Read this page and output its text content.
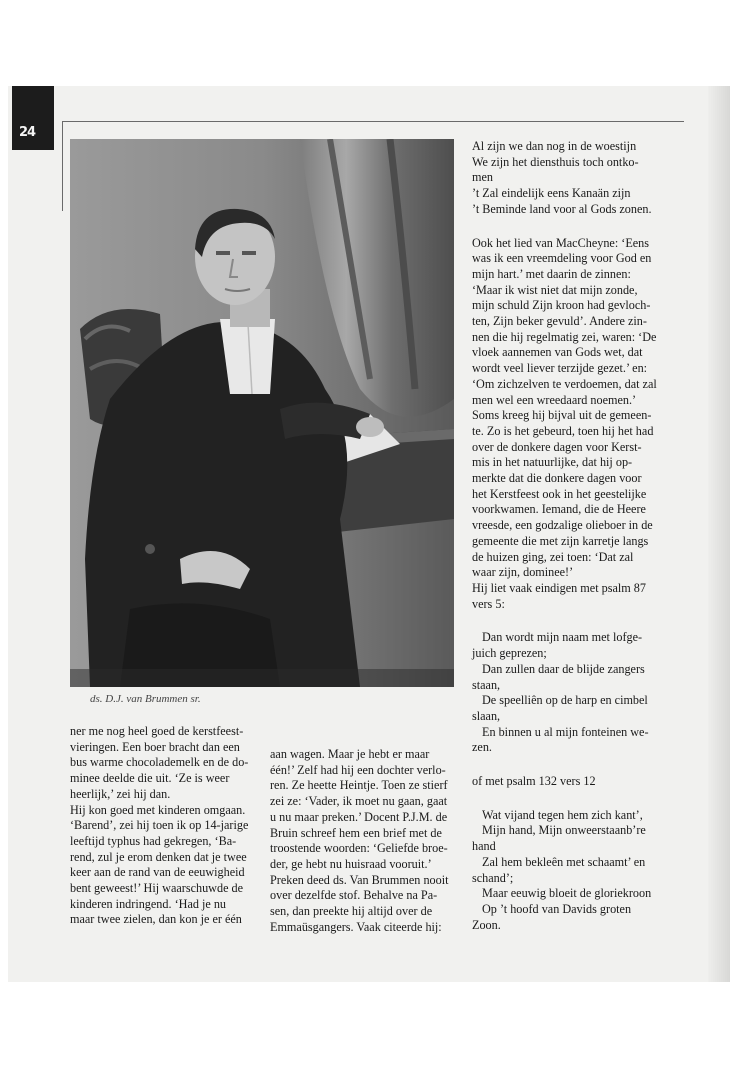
24
ds. D.J. van Brummen sr.

ner me nog heel goed de kerstfeest-
vieringen. Een boer bracht dan een
bus warme chocolademelk en de do-
minee deelde die uit. ‘Ze is weer
heerlijk,’ zei hij dan.
Hij kon goed met kinderen omgaan.
‘Barend’, zei hij toen ik op 14-jarige
leeftijd typhus had gekregen, ‘Ba-
rend, zul je erom denken dat je twee
keer aan de rand van de eeuwigheid
bent geweest!’ Hij waarschuwde de
kinderen indringend. ‘Had je nu
maar twee zielen, dan kon je er één

aan wagen. Maar je hebt er maar
één!’ Zelf had hij een dochter verlo-
ren. Ze heette Heintje. Toen ze stierf
zei ze: ‘Vader, ik moet nu gaan, gaat
u nu maar preken.’ Docent P.J.M. de
Bruin schreef hem een brief met de
troostende woorden: ‘Geliefde broe-
der, ge hebt nu huisraad vooruit.’
Preken deed ds. Van Brummen nooit
over dezelfde stof. Behalve na Pa-
sen, dan preekte hij altijd over de
Emmaüsgangers. Vaak citeerde hij:

Al zijn we dan nog in de woestijn
We zijn het diensthuis toch ontko-
men
’t Zal eindelijk eens Kanaän zijn
’t Beminde land voor al Gods zonen.

Ook het lied van MacCheyne: ‘Eens
was ik een vreemdeling voor God en
mijn hart.’ met daarin de zinnen:
‘Maar ik wist niet dat mijn zonde,
mijn schuld Zijn kroon had gevloch-
ten, Zijn beker gevuld’. Andere zin-
nen die hij regelmatig zei, waren: ‘De
vloek aannemen van Gods wet, dat
wordt veel liever terzijde gezet.’ en:
‘Om zichzelven te verdoemen, dat zal
men wel een wreedaard noemen.’
Soms kreeg hij bijval uit de gemeen-
te. Zo is het gebeurd, toen hij het had
over de donkere dagen voor Kerst-
mis in het natuurlijke, dat hij op-
merkte dat die donkere dagen voor
het Kerstfeest ook in het geestelijke
voorkwamen. Iemand, die de Heere
vreesde, een godzalige olieboer in de
gemeente die met zijn karretje langs
de huizen ging, zei toen: ‘Dat zal
waar zijn, dominee!’
Hij liet vaak eindigen met psalm 87
vers 5:

Dan wordt mijn naam met lofge-
juich geprezen;
Dan zullen daar de blijde zangers
staan,
De speelliên op de harp en cimbel
slaan,
En binnen u al mijn fonteinen we-
zen.

of met psalm 132 vers 12

Wat vijand tegen hem zich kant’,
Mijn hand, Mijn onweerstaanb’re
hand
Zal hem bekleên met schaamt’ en
schand’;
Maar eeuwig bloeit de gloriekroon
Op ’t hoofd van Davids groten
Zoon.
